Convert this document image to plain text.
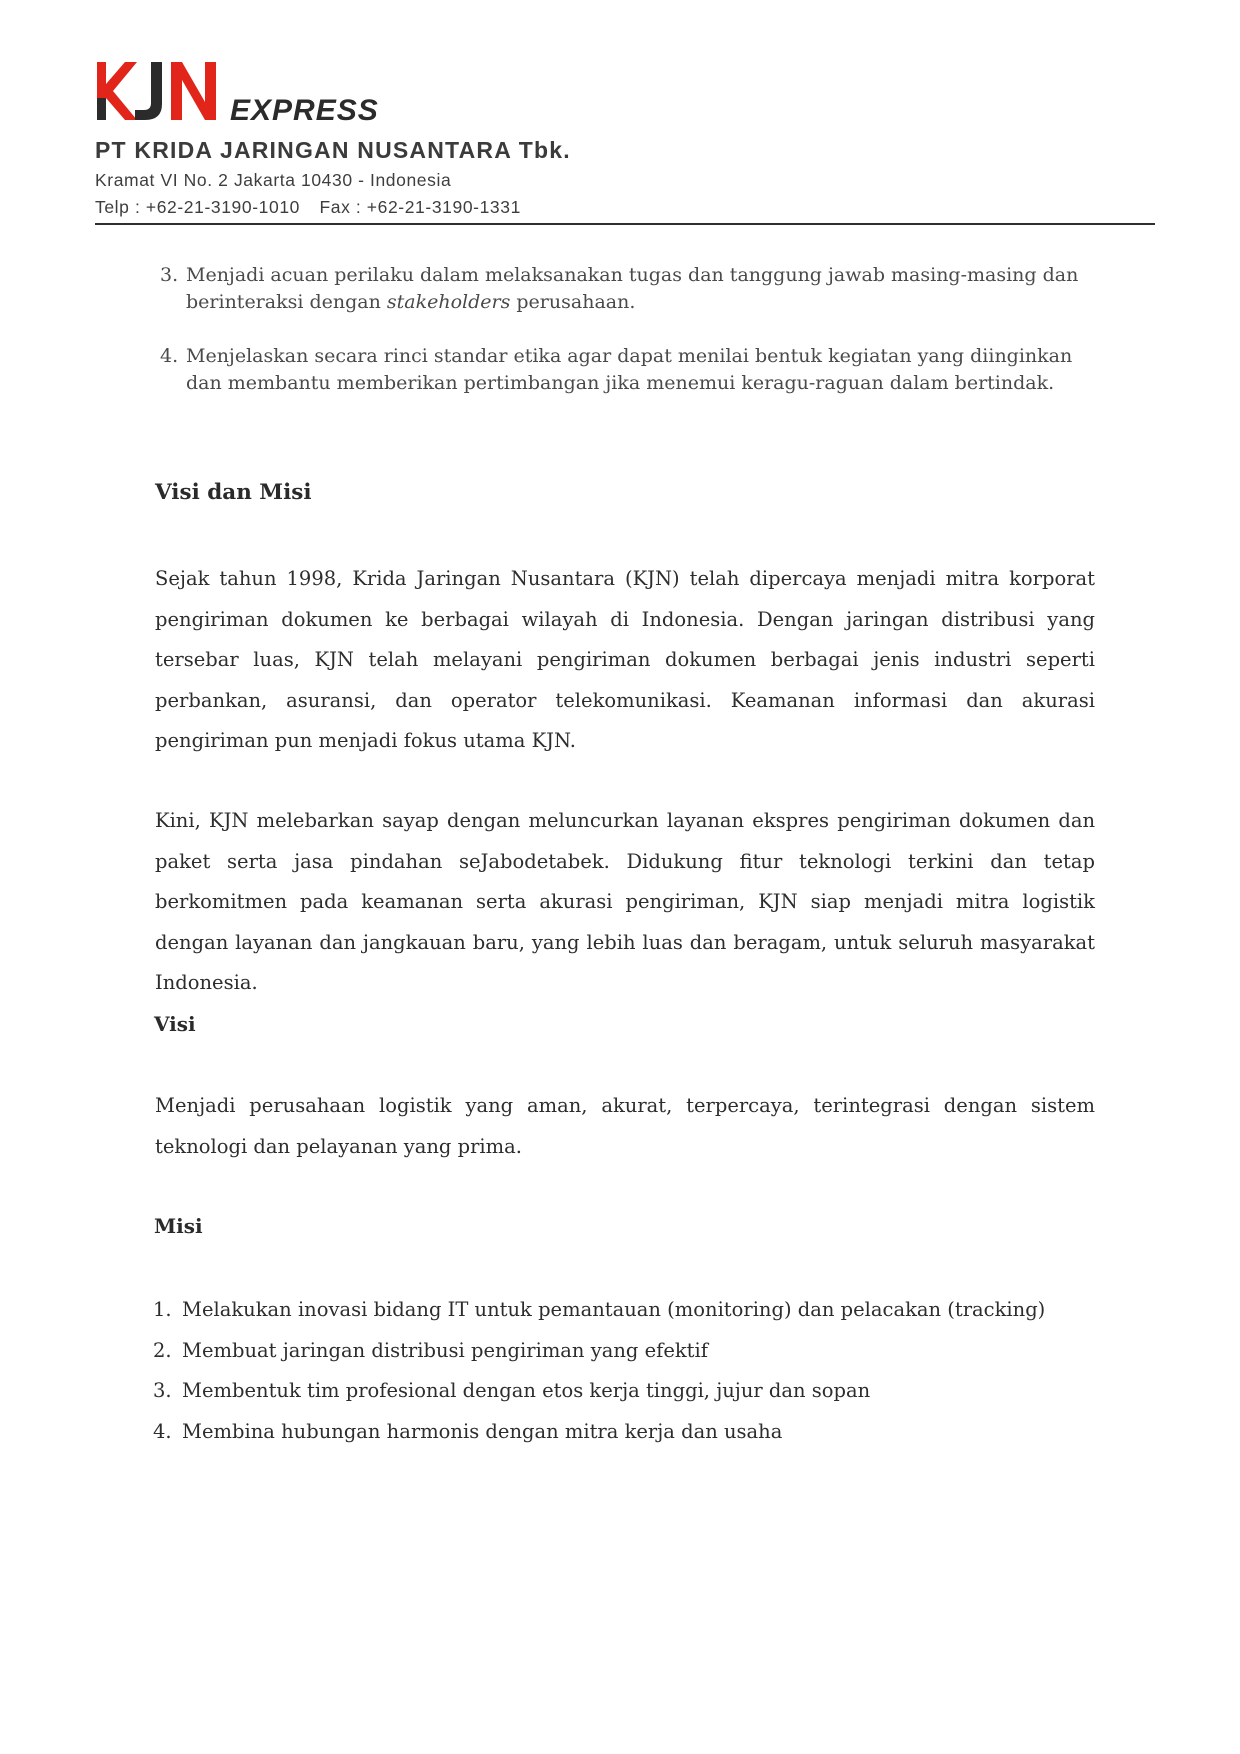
EXPRESS
PT KRIDA JARINGAN NUSANTARA Tbk.
Kramat VI No. 2 Jakarta 10430 - Indonesia
Telp : +62-21-3190-1010 Fax : +62-21-3190-1331
3. Menjadi acuan perilaku dalam melaksanakan tugas dan tanggung jawab masing-masing dan berinteraksi dengan stakeholders perusahaan.
4. Menjelaskan secara rinci standar etika agar dapat menilai bentuk kegiatan yang diinginkan dan membantu memberikan pertimbangan jika menemui keragu-raguan dalam bertindak.
Visi dan Misi
Sejak tahun 1998, Krida Jaringan Nusantara (KJN) telah dipercaya menjadi mitra korporat pengiriman dokumen ke berbagai wilayah di Indonesia. Dengan jaringan distribusi yang tersebar luas, KJN telah melayani pengiriman dokumen berbagai jenis industri seperti perbankan, asuransi, dan operator telekomunikasi. Keamanan informasi dan akurasi pengiriman pun menjadi fokus utama KJN.
Kini, KJN melebarkan sayap dengan meluncurkan layanan ekspres pengiriman dokumen dan paket serta jasa pindahan seJabodetabek. Didukung fitur teknologi terkini dan tetap berkomitmen pada keamanan serta akurasi pengiriman, KJN siap menjadi mitra logistik dengan layanan dan jangkauan baru, yang lebih luas dan beragam, untuk seluruh masyarakat Indonesia.
Visi
Menjadi perusahaan logistik yang aman, akurat, terpercaya, terintegrasi dengan sistem teknologi dan pelayanan yang prima.
Misi
1. Melakukan inovasi bidang IT untuk pemantauan (monitoring) dan pelacakan (tracking)
2. Membuat jaringan distribusi pengiriman yang efektif
3. Membentuk tim profesional dengan etos kerja tinggi, jujur dan sopan
4. Membina hubungan harmonis dengan mitra kerja dan usaha
